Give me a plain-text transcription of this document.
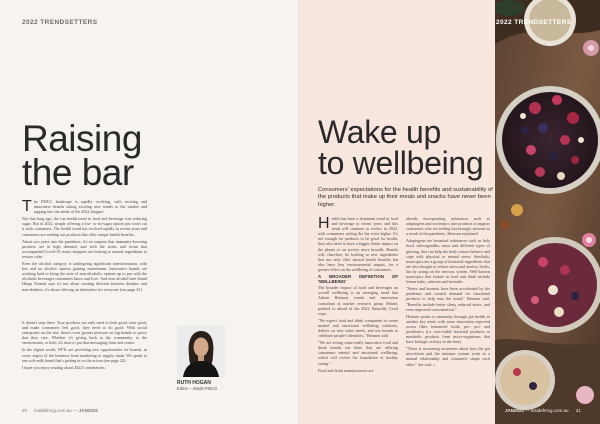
2022 TRENDSETTERS
Raising
the bar

The FMCG landscape is rapidly evolving, with exciting and innovative brands taking exciting new trends to the market and tapping into the needs of the 2022 shopper.

Not that long ago, the top health trend in food and beverage was reducing sugar. But in 2022, simply offering a low- or no-sugar option just won't cut it with consumers. The health trend has evolved rapidly in recent years and consumers are seeking out products that offer unique health benefits.

About two years into the pandemic, it's no surprise that immunity-boosting products are in high demand, and with the stress and strain that accompanied Covid-19, many shoppers are looking to natural ingredients to restore calm.

Even the alcohol category is undergoing significant transformation, with low and no alcohol options gaining momentum. Innovative brands are working hard to bring the taste of non-alcoholic options up to par with the alcoholic beverages consumers know and love. And zero alcohol beer brand Heaps Normal says it's not about creating division between drinkers and non-drinkers, it's about offering an alternative for everyone (see page 41).

It doesn't stop there. Your products not only need to look good, taste good, and make consumers feel good, they need to do good. With social enterprises on the rise, there's even greater pressure on big brands to prove that they care. Whether it's giving back to the community, to the environment, or both, it's time to put that messaging front and centre.

In the digital world, NFTs are providing new opportunities for brands, in every aspect of the business from marketing to supply chain. We speak to one soft-milk brand that's getting in on the action (see page 22).

I hope you enjoy reading about 2022's trendsetters.

RUTH HOGAN
Editor – Inside FMCG
20 insidefmcg.com.au — JAN2022
2022 TRENDSETTERS
Wake up
to wellbeing

Consumers' expectations for the health benefits and sustainability of the products that make up their meals and snacks have never been higher.

Health has been a dominant trend in food and beverage in recent years and this trend will continue to evolve in 2022, with consumers setting the bar even higher. It's not enough for products to be good for health, they also need to have a bigger, better impact on the planet or on society more broadly. Brands will, therefore, be looking to new ingredients that not only offer natural health benefits but also have less environmental impact, for a greater effect on the wellbeing of consumers.

A BROADER DEFINITION OF 'WELLBEING'

The broader impact of food and beverages on overall wellbeing is an emerging trend that Adrian Heinsen, trends and innovation consultant at market research group Mintel, pointed to ahead of the 2022 Naturally Good expo.

"We expect food and drink companies to create mental and emotional wellbeing solutions, deliver on new value needs, and use brands to celebrate people's identities," Heinsen said.

"We are seeing some really innovative food and drink brands out there that are offering consumers mental and emotional wellbeing, which will evolve the foundation of healthy eating."

Food and drink manufacturers are

already incorporating substances such as adaptogens and nootropics into products to support consumers who are feeling increasingly stressed as a result of the pandemic, Heinsen explained.

Adaptogens are botanical substances such as holy basil, ashwagandha, maca and different types of ginseng, that can help the body restore balance and cope with physical or mental stress. Similarly, nootropics are a group of botanical ingredients that are also thought to reduce stress and anxiety levels, but by acting on the nervous system. Well-known nootropics that feature in food and drink include lemon balm, valerian and lavender.

"Stress and burnout have been accelerated by the pandemic and created demand for functional products to help ease the mind," Heinsen said. "Benefits include better sleep, reduced stress, and even improved concentration."

Heinsen points to immunity through gut health as another key trend, with more innovation expected across fiber, fermented foods, pre-, pro- and postbiotics (i.e. non-viable bacterial products or metabolic products from micro-organisms that have biologic activity in the host).

"There is increasing awareness about how the gut microbiota and the immune system work in a mutual relationship and constantly shape each other," she said. »

JAN2022 — insidefmcg.com.au 21
